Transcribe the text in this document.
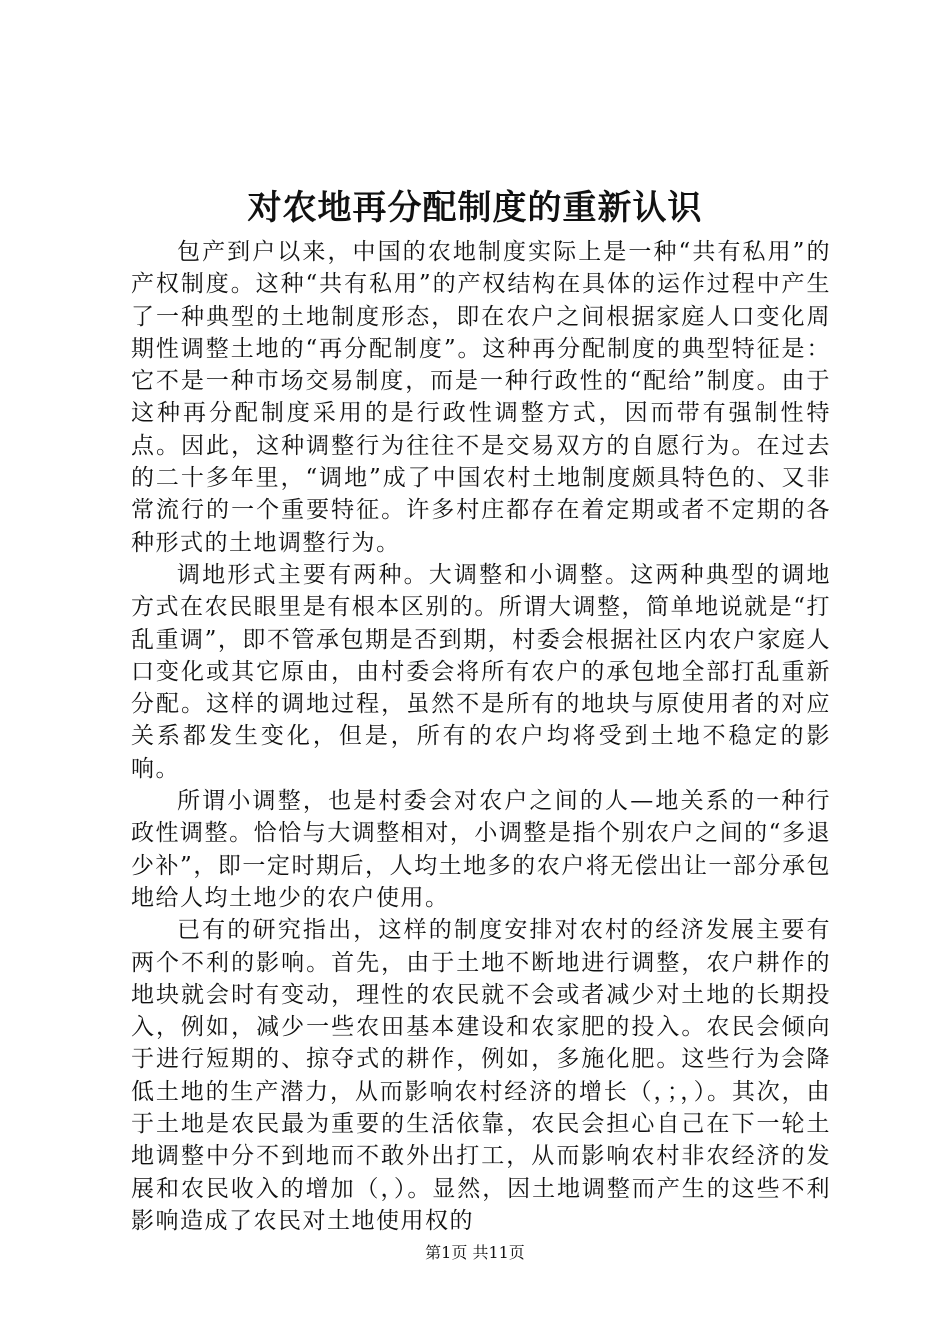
对农地再分配制度的重新认识

包产到户以来，中国的农地制度实际上是一种“共有私用”的产权制度。这种“共有私用”的产权结构在具体的运作过程中产生了一种典型的土地制度形态，即在农户之间根据家庭人口变化周期性调整土地的“再分配制度”。这种再分配制度的典型特征是：它不是一种市场交易制度，而是一种行政性的“配给”制度。由于这种再分配制度采用的是行政性调整方式，因而带有强制性特点。因此，这种调整行为往往不是交易双方的自愿行为。在过去的二十多年里，“调地”成了中国农村土地制度颇具特色的、又非常流行的一个重要特征。许多村庄都存在着定期或者不定期的各种形式的土地调整行为。

调地形式主要有两种。大调整和小调整。这两种典型的调地方式在农民眼里是有根本区别的。所谓大调整，简单地说就是“打乱重调”，即不管承包期是否到期，村委会根据社区内农户家庭人口变化或其它原由，由村委会将所有农户的承包地全部打乱重新分配。这样的调地过程，虽然不是所有的地块与原使用者的对应关系都发生变化，但是，所有的农户均将受到土地不稳定的影响。

所谓小调整，也是村委会对农户之间的人—地关系的一种行政性调整。恰恰与大调整相对，小调整是指个别农户之间的“多退少补”，即一定时期后，人均土地多的农户将无偿出让一部分承包地给人均土地少的农户使用。

已有的研究指出，这样的制度安排对农村的经济发展主要有两个不利的影响。首先，由于土地不断地进行调整，农户耕作的地块就会时有变动，理性的农民就不会或者减少对土地的长期投入，例如，减少一些农田基本建设和农家肥的投入。农民会倾向于进行短期的、掠夺式的耕作，例如，多施化肥。这些行为会降低土地的生产潜力，从而影响农村经济的增长（，；，）。其次，由于土地是农民最为重要的生活依靠，农民会担心自己在下一轮土地调整中分不到地而不敢外出打工，从而影响农村非农经济的发展和农民收入的增加（，）。显然，因土地调整而产生的这些不利影响造成了农民对土地使用权的

第1页 共11页
